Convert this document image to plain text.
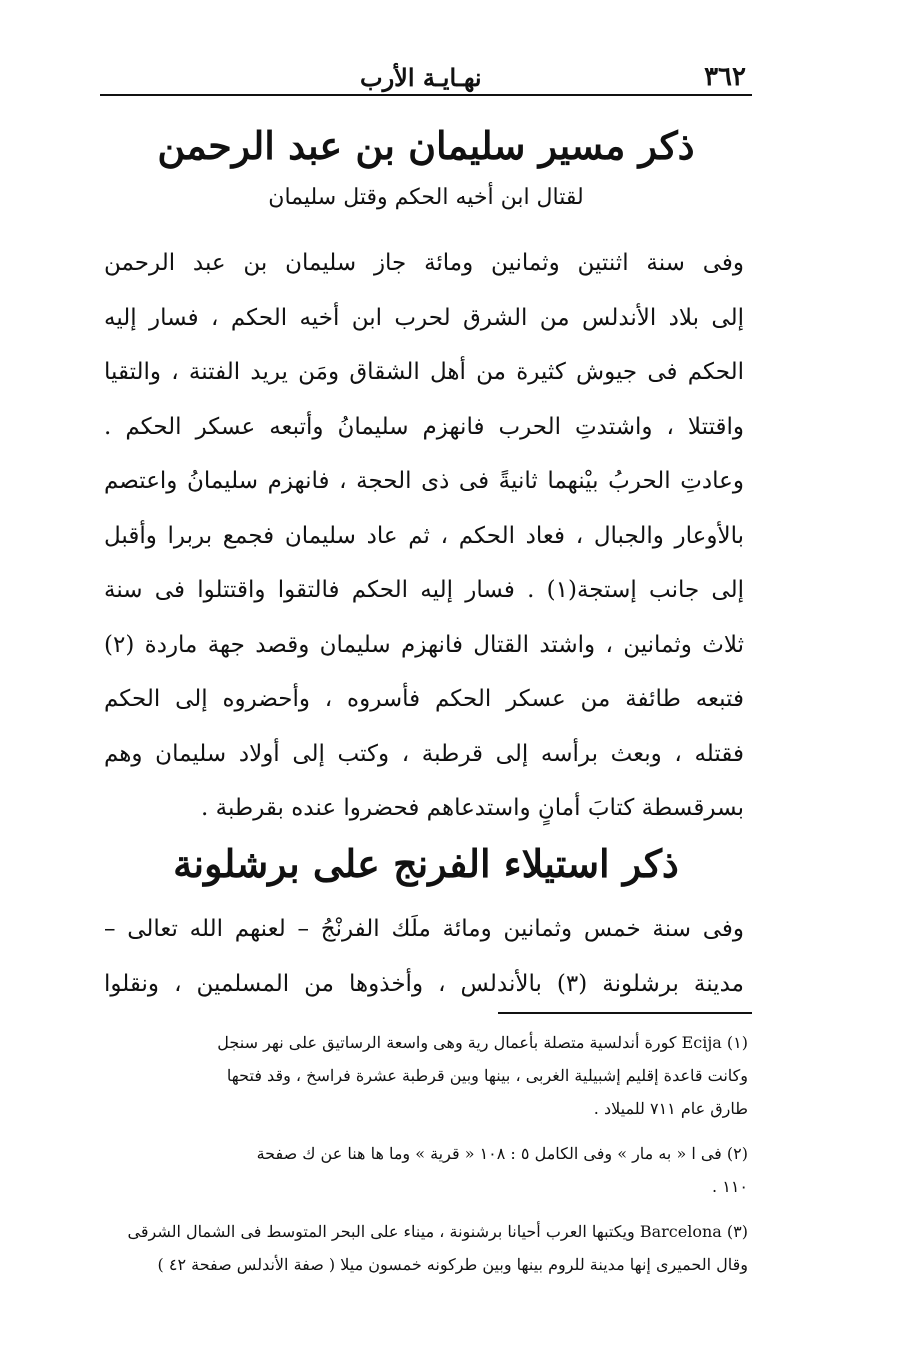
٣٦٢
نهـايـة الأرب
ذكر مسير سليمان بن عبد الرحمن
لقتال ابن أخيه الحكم وقتل سليمان
وفى سنة اثنتين وثمانين ومائة جاز سليمان بن عبد الرحمن
إلى بلاد الأندلس من الشرق لحرب ابن أخيه الحكم ، فسار إليه
الحكم فى جيوش كثيرة من أهل الشقاق ومَن يريد الفتنة ، والتقيا
واقتتلا ، واشتدتِ الحرب فانهزم سليمانُ وأتبعه عسكر الحكم .
وعادتِ الحربُ بيْنهما ثانيةً فى ذى الحجة ، فانهزم سليمانُ واعتصم
بالأوعار والجبال ، فعاد الحكم ، ثم عاد سليمان فجمع بربرا وأقبل
إلى جانب إستجة(١) . فسار إليه الحكم فالتقوا واقتتلوا فى سنة
ثلاث وثمانين ، واشتد القتال فانهزم سليمان وقصد جهة ماردة (٢)
فتبعه طائفة من عسكر الحكم فأسروه ، وأحضروه إلى الحكم
فقتله ، وبعث برأسه إلى قرطبة ، وكتب إلى أولاد سليمان وهم
بسرقسطة كتابَ أمانٍ واستدعاهم فحضروا عنده بقرطبة .
ذكر استيلاء الفرنج على برشلونة
وفى سنة خمس وثمانين ومائة ملَك الفرنْجُ – لعنهم الله تعالى –
مدينة برشلونة (٣) بالأندلس ، وأخذوها من المسلمين ، ونقلوا
(١) Ecija كورة أندلسية متصلة بأعمال رية وهى واسعة الرساتيق على نهر سنجل
وكانت قاعدة إقليم إشبيلية الغربى ، بينها وبين قرطبة عشرة فراسخ ، وقد فتحها
طارق عام ٧١١ للميلاد .
(٢) فى ا « به مار » وفى الكامل ٥ : ١٠٨ « قرية » وما ها هنا عن ك صفحة
١١٠ .
(٣) Barcelona ويكتبها العرب أحيانا برشنونة ، ميناء على البحر المتوسط فى الشمال الشرقى
وقال الحميرى إنها مدينة للروم بينها وبين طركونه خمسون ميلا ( صفة الأندلس صفحة ٤٢ )
